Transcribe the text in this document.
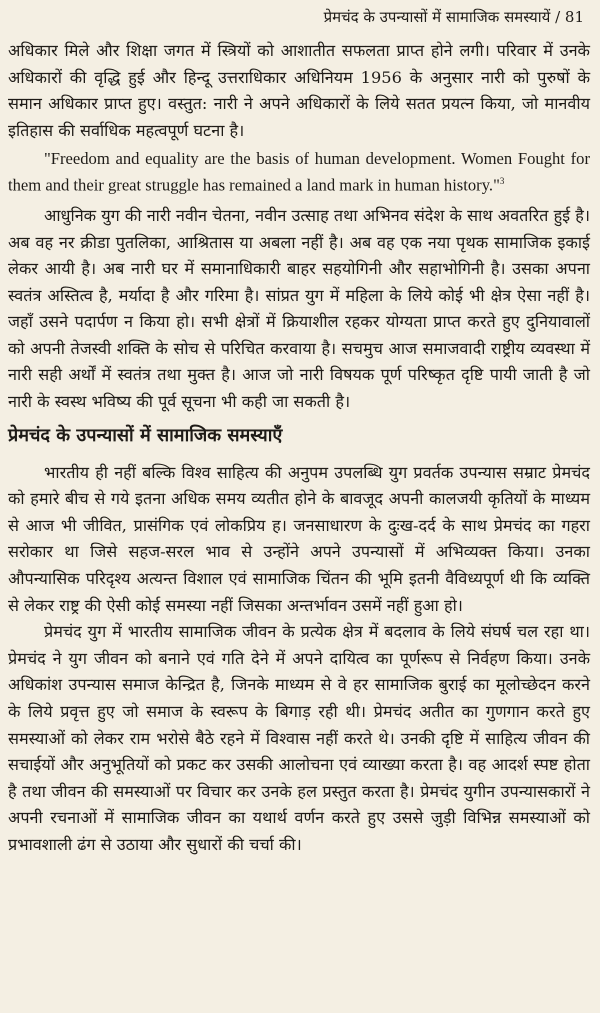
प्रेमचंद के उपन्यासों में सामाजिक समस्यायें / 81

अधिकार मिले और शिक्षा जगत में स्त्रियों को आशातीत सफलता प्राप्त होने लगी। परिवार में उनके अधिकारों की वृद्धि हुई और हिन्दू उत्तराधिकार अधिनियम 1956 के अनुसार नारी को पुरुषों के समान अधिकार प्राप्त हुए। वस्तुत: नारी ने अपने अधिकारों के लिये सतत प्रयत्न किया, जो मानवीय इतिहास की सर्वाधिक महत्वपूर्ण घटना है।

"Freedom and equality are the basis of human development. Women Fought for them and their great struggle has remained a land mark in human history."$^3$

आधुनिक युग की नारी नवीन चेतना, नवीन उत्साह तथा अभिनव संदेश के साथ अवतरित हुई है। अब वह नर क्रीडा पुतलिका, आश्रितास या अबला नहीं है। अब वह एक नया पृथक सामाजिक इकाई लेकर आयी है। अब नारी घर में समानाधिकारी बाहर सहयोगिनी और सहाभोगिनी है। उसका अपना स्वतंत्र अस्तित्व है, मर्यादा है और गरिमा है। सांप्रत युग में महिला के लिये कोई भी क्षेत्र ऐसा नहीं है। जहाँ उसने पदार्पण न किया हो। सभी क्षेत्रों में क्रियाशील रहकर योग्यता प्राप्त करते हुए दुनियावालों को अपनी तेजस्वी शक्ति के सोच से परिचित करवाया है। सचमुच आज समाजवादी राष्ट्रीय व्यवस्था में नारी सही अर्थों में स्वतंत्र तथा मुक्त है। आज जो नारी विषयक पूर्ण परिष्कृत दृष्टि पायी जाती है जो नारी के स्वस्थ भविष्य की पूर्व सूचना भी कही जा सकती है।

प्रेमचंद के उपन्यासों में सामाजिक समस्याएँ

भारतीय ही नहीं बल्कि विश्व साहित्य की अनुपम उपलब्धि युग प्रवर्तक उपन्यास सम्राट प्रेमचंद को हमारे बीच से गये इतना अधिक समय व्यतीत होने के बावजूद अपनी कालजयी कृतियों के माध्यम से आज भी जीवित, प्रासंगिक एवं लोकप्रिय ह। जनसाधारण के दुःख-दर्द के साथ प्रेमचंद का गहरा सरोकार था जिसे सहज-सरल भाव से उन्होंने अपने उपन्यासों में अभिव्यक्त किया। उनका औपन्यासिक परिदृश्य अत्यन्त विशाल एवं सामाजिक चिंतन की भूमि इतनी वैविध्यपूर्ण थी कि व्यक्ति से लेकर राष्ट्र की ऐसी कोई समस्या नहीं जिसका अन्तर्भावन उसमें नहीं हुआ हो।

प्रेमचंद युग में भारतीय सामाजिक जीवन के प्रत्येक क्षेत्र में बदलाव के लिये संघर्ष चल रहा था। प्रेमचंद ने युग जीवन को बनाने एवं गति देने में अपने दायित्व का पूर्णरूप से निर्वहण किया। उनके अधिकांश उपन्यास समाज केन्द्रित है, जिनके माध्यम से वे हर सामाजिक बुराई का मूलोच्छेदन करने के लिये प्रवृत्त हुए जो समाज के स्वरूप के बिगाड़ रही थी। प्रेमचंद अतीत का गुणगान करते हुए समस्याओं को लेकर राम भरोसे बैठे रहने में विश्वास नहीं करते थे। उनकी दृष्टि में साहित्य जीवन की सचाईयों और अनुभूतियों को प्रकट कर उसकी आलोचना एवं व्याख्या करता है। वह आदर्श स्पष्ट होता है तथा जीवन की समस्याओं पर विचार कर उनके हल प्रस्तुत करता है। प्रेमचंद युगीन उपन्यासकारों ने अपनी रचनाओं में सामाजिक जीवन का यथार्थ वर्णन करते हुए उससे जुड़ी विभिन्न समस्याओं को प्रभावशाली ढंग से उठाया और सुधारों की चर्चा की।
